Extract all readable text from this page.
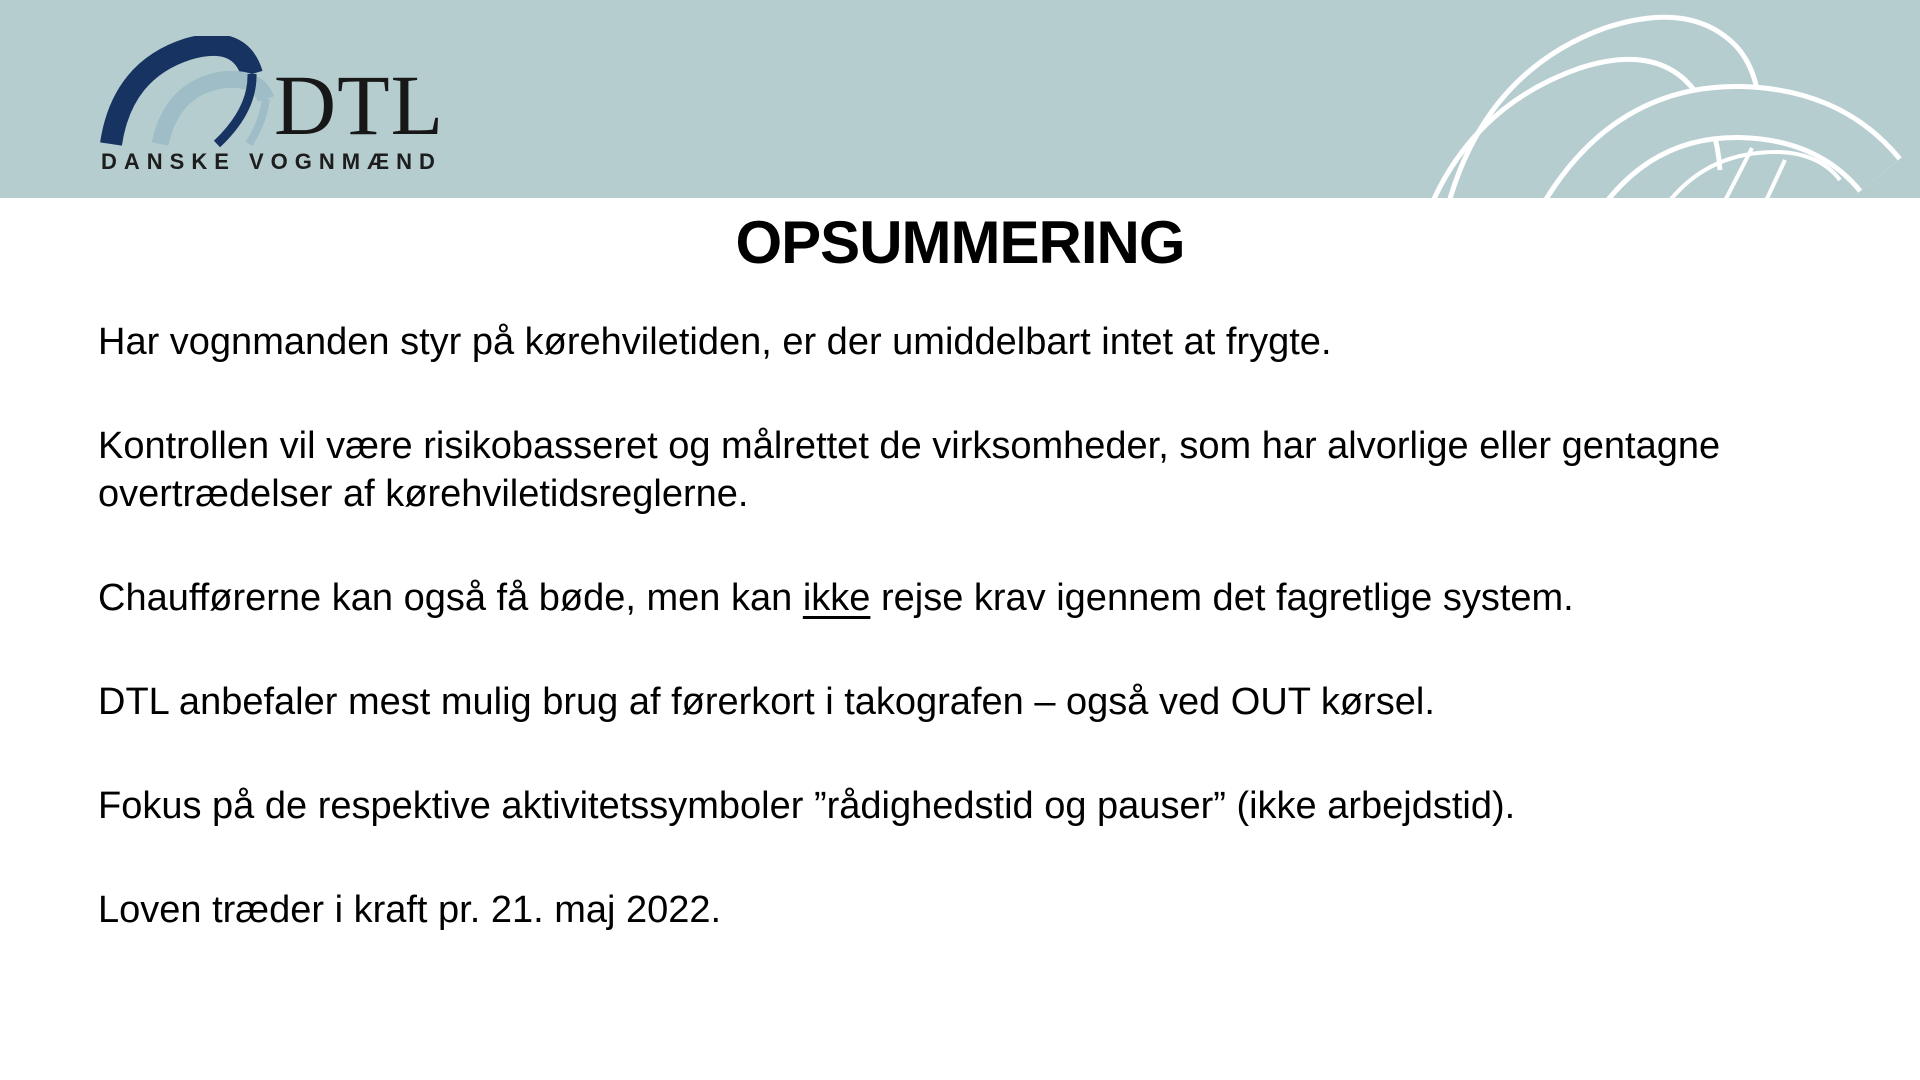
DTL
DANSKE VOGNMÆND
OPSUMMERING

Har vognmanden styr på kørehviletiden, er der umiddelbart intet at frygte.

Kontrollen vil være risikobasseret og målrettet de virksomheder, som har alvorlige eller gentagne overtrædelser af kørehviletidsreglerne.

Chaufførerne kan også få bøde, men kan ikke rejse krav igennem det fagretlige system.

DTL anbefaler mest mulig brug af førerkort i takografen – også ved OUT kørsel.

Fokus på de respektive aktivitetssymboler ”rådighedstid og pauser” (ikke arbejdstid).

Loven træder i kraft pr. 21. maj 2022.
